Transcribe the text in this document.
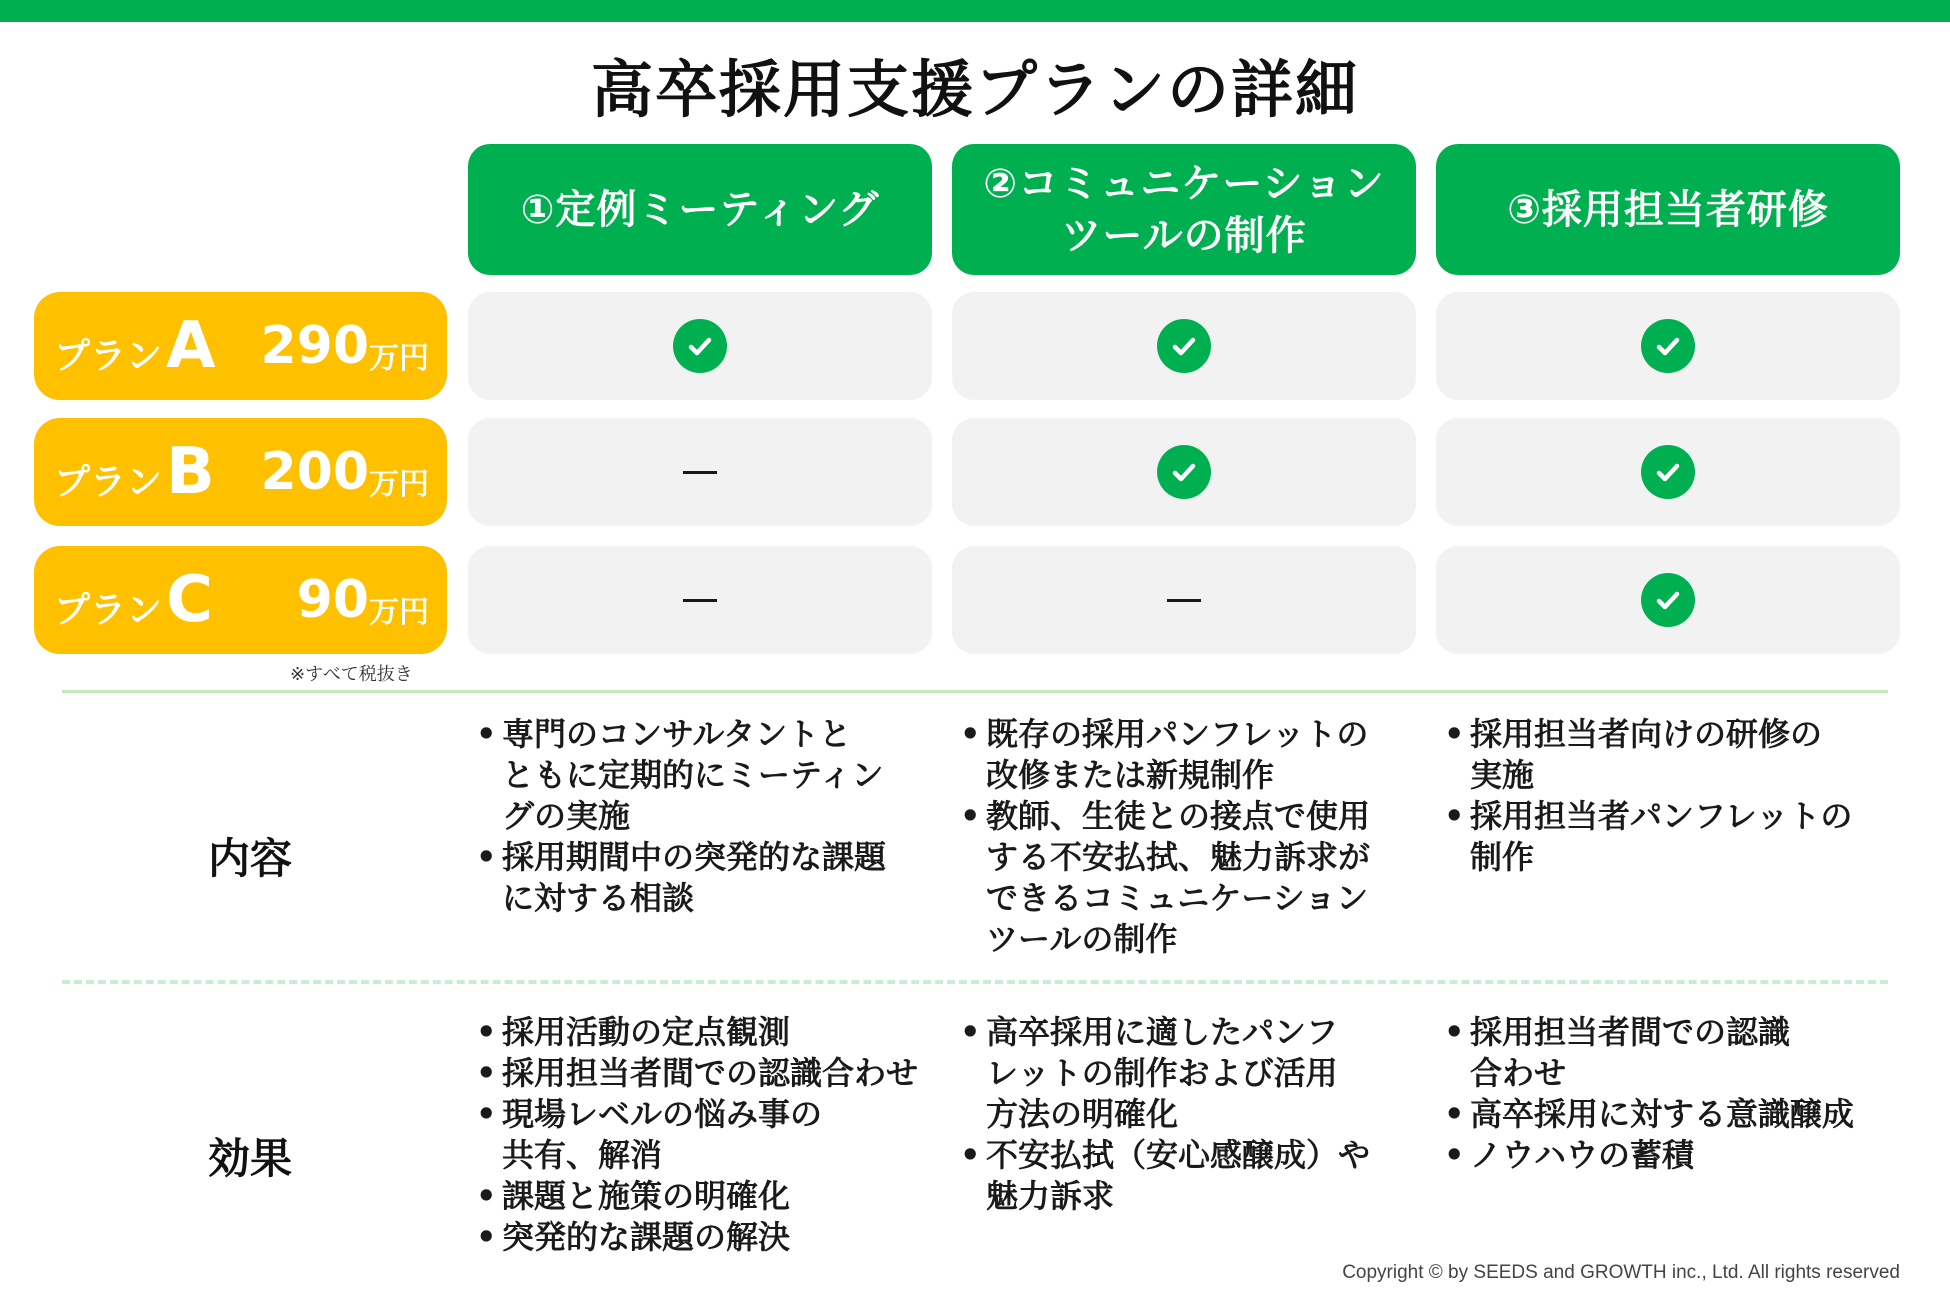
高卒採用支援プランの詳細
①定例ミーティング
②コミュニケーション
ツールの制作
③採用担当者研修
プラン A 290 万円
プラン B 200 万円
プラン C 90 万円
※すべて税抜き
内容
• 専門のコンサルタントと
ともに定期的にミーティン
グの実施
• 採用期間中の突発的な課題
に対する相談
• 既存の採用パンフレットの
改修または新規制作
• 教師、生徒との接点で使用
する不安払拭、魅力訴求が
できるコミュニケーション
ツールの制作
• 採用担当者向けの研修の
実施
• 採用担当者パンフレットの
制作
効果
• 採用活動の定点観測
• 採用担当者間での認識合わせ
• 現場レベルの悩み事の
共有、解消
• 課題と施策の明確化
• 突発的な課題の解決
• 高卒採用に適したパンフ
レットの制作および活用
方法の明確化
• 不安払拭（安心感醸成）や
魅力訴求
• 採用担当者間での認識
合わせ
• 高卒採用に対する意識醸成
• ノウハウの蓄積
Copyright © by SEEDS and GROWTH inc., Ltd. All rights reserved
